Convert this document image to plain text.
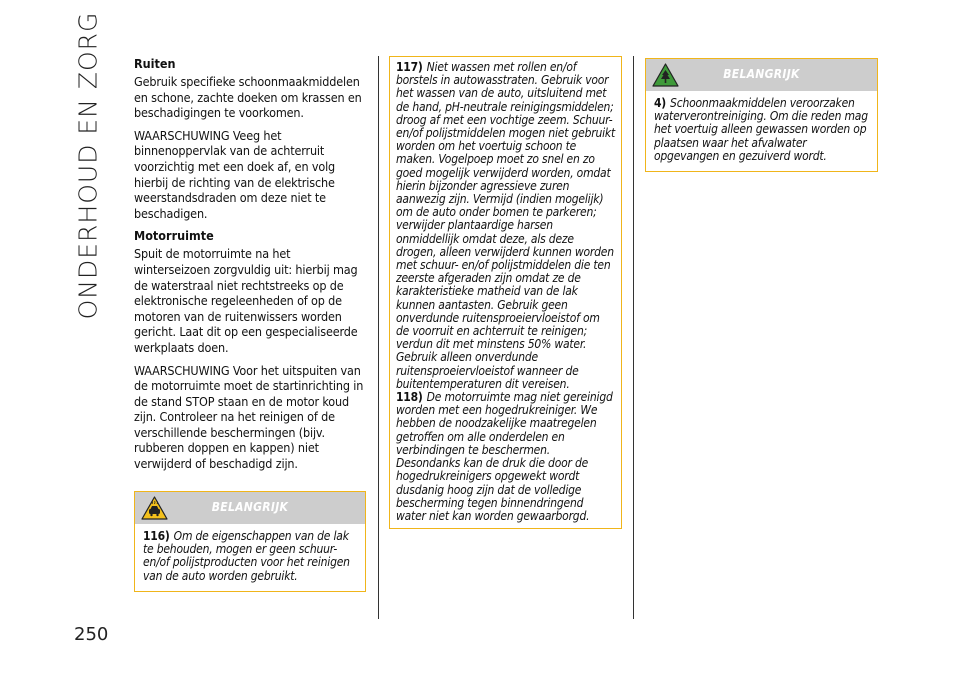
ONDERHOUD EN ZORG
250
Ruiten

Gebruik specifieke schoonmaakmiddelen en schone, zachte doeken om krassen en beschadigingen te voorkomen.

WAARSCHUWING Veeg het binnenoppervlak van de achterruit voorzichtig met een doek af, en volg hierbij de richting van de elektrische weerstandsdraden om deze niet te beschadigen.

Motorruimte

Spuit de motorruimte na het winterseizoen zorgvuldig uit: hierbij mag de waterstraal niet rechtstreeks op de elektronische regeleenheden of op de motoren van de ruitenwissers worden gericht. Laat dit op een gespecialiseerde werkplaats doen.

WAARSCHUWING Voor het uitspuiten van de motorruimte moet de startinrichting in de stand STOP staan en de motor koud zijn. Controleer na het reinigen of de verschillende beschermingen (bijv. rubberen doppen en kappen) niet verwijderd of beschadigd zijn.

BELANGRIJK

116) Om de eigenschappen van de lak te behouden, mogen er geen schuur- en/of polijstproducten voor het reinigen van de auto worden gebruikt.

117) Niet wassen met rollen en/of borstels in autowasstraten. Gebruik voor het wassen van de auto, uitsluitend met de hand, pH-neutrale reinigingsmiddelen; droog af met een vochtige zeem. Schuur- en/of polijstmiddelen mogen niet gebruikt worden om het voertuig schoon te maken. Vogelpoep moet zo snel en zo goed mogelijk verwijderd worden, omdat hierin bijzonder agressieve zuren aanwezig zijn. Vermijd (indien mogelijk) om de auto onder bomen te parkeren; verwijder plantaardige harsen onmiddellijk omdat deze, als deze drogen, alleen verwijderd kunnen worden met schuur- en/of polijstmiddelen die ten zeerste afgeraden zijn omdat ze de karakteristieke matheid van de lak kunnen aantasten. Gebruik geen onverdunde ruitensproeiervloeistof om de voorruit en achterruit te reinigen; verdun dit met minstens 50% water. Gebruik alleen onverdunde ruitensproeiervloeistof wanneer de buitentemperaturen dit vereisen.

118) De motorruimte mag niet gereinigd worden met een hogedrukreiniger. We hebben de noodzakelijke maatregelen getroffen om alle onderdelen en verbindingen te beschermen. Desondanks kan de druk die door de hogedrukreinigers opgewekt wordt dusdanig hoog zijn dat de volledige bescherming tegen binnendringend water niet kan worden gewaarborgd.

BELANGRIJK

4) Schoonmaakmiddelen veroorzaken waterverontreiniging. Om die reden mag het voertuig alleen gewassen worden op plaatsen waar het afvalwater opgevangen en gezuiverd wordt.
